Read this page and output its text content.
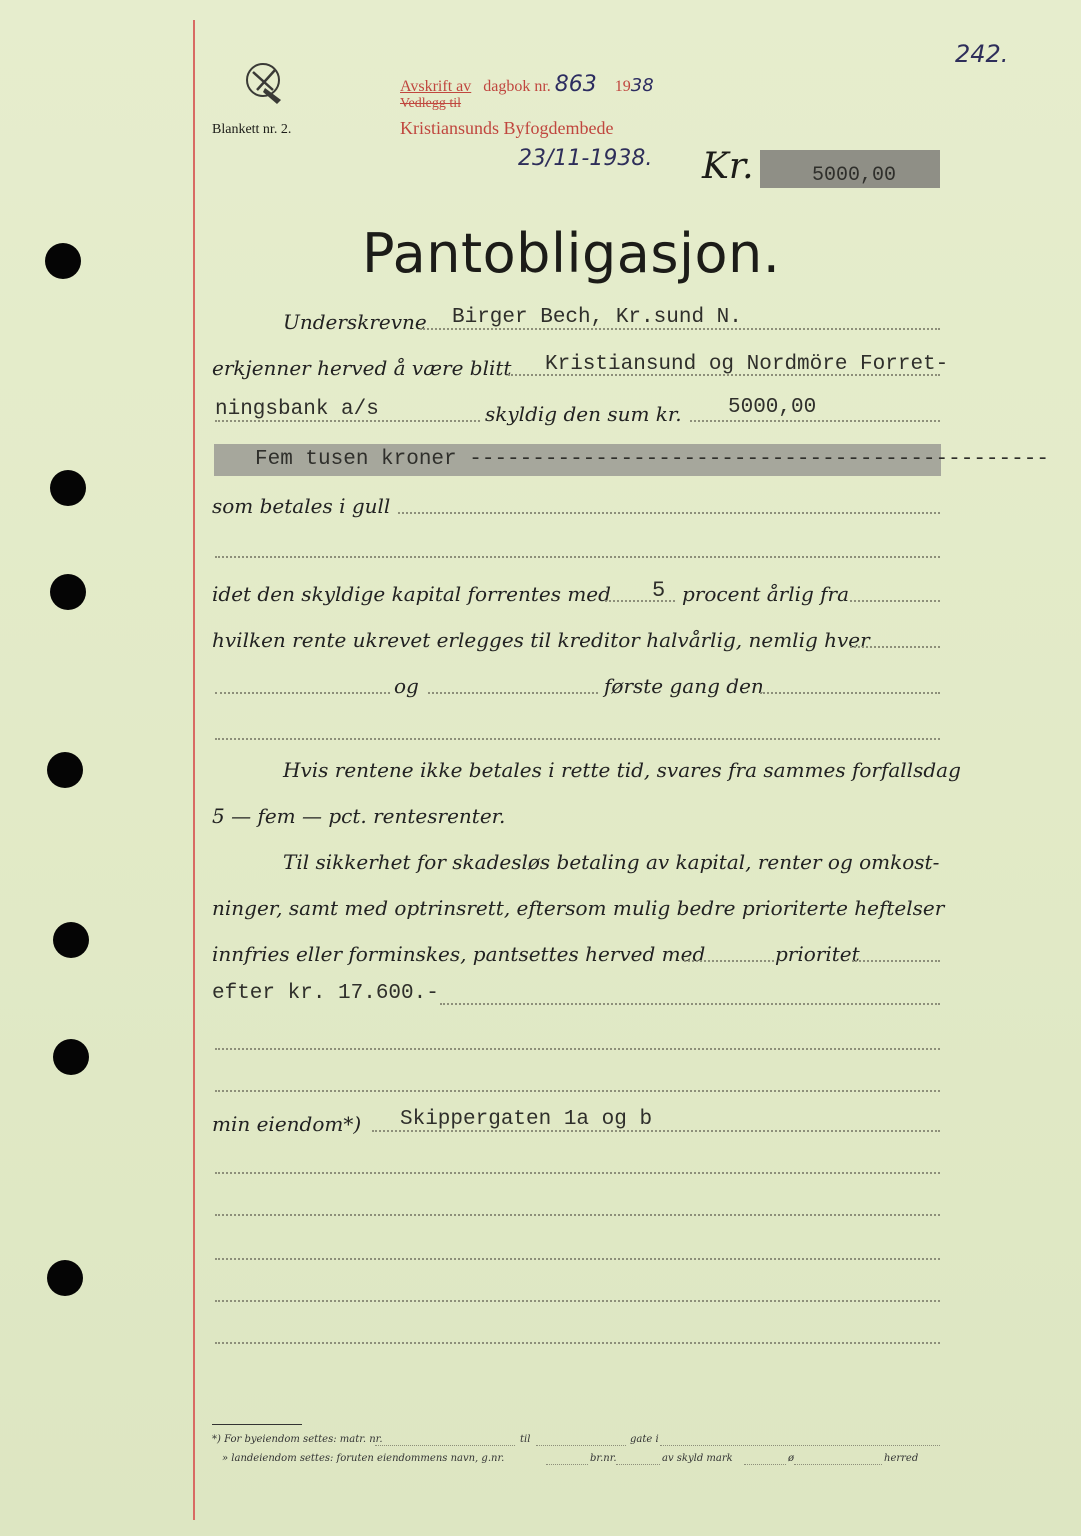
242.
Blankett nr. 2.
Avskrift av dagbok nr. 863 1938
Vedlegg til
Kristiansunds Byfogdembede
23/11-1938. Kr.	5000,00
Pantobligasjon.
Underskrevne Birger Bech, Kr.sund N.
erkjenner herved å være blitt Kristiansund og Nordmöre Forret-
ningsbank a/s	skyldig den sum kr. 5000,00
Fem tusen kroner ----------------------------------------------
som betales i gull
idet den skyldige kapital forrentes med 5 procent årlig fra
hvilken rente ukrevet erlegges til kreditor halvårlig, nemlig hver
og	første gang den
Hvis rentene ikke betales i rette tid, svares fra sammes forfallsdag
5 — fem — pct. rentesrenter.
Til sikkerhet for skadesløs betaling av kapital, renter og omkost-
ninger, samt med optrinsrett, eftersom mulig bedre prioriterte heftelser
innfries eller forminskes, pantsettes herved med	prioritet
efter kr. 17.600.-
min eiendom*) Skippergaten 1a og b
*) For byeiendom settes: matr. nr.	til	gate i
» landeiendom settes: foruten eiendommens navn, g.nr.	br.nr.	av skyld mark	ø	herred
